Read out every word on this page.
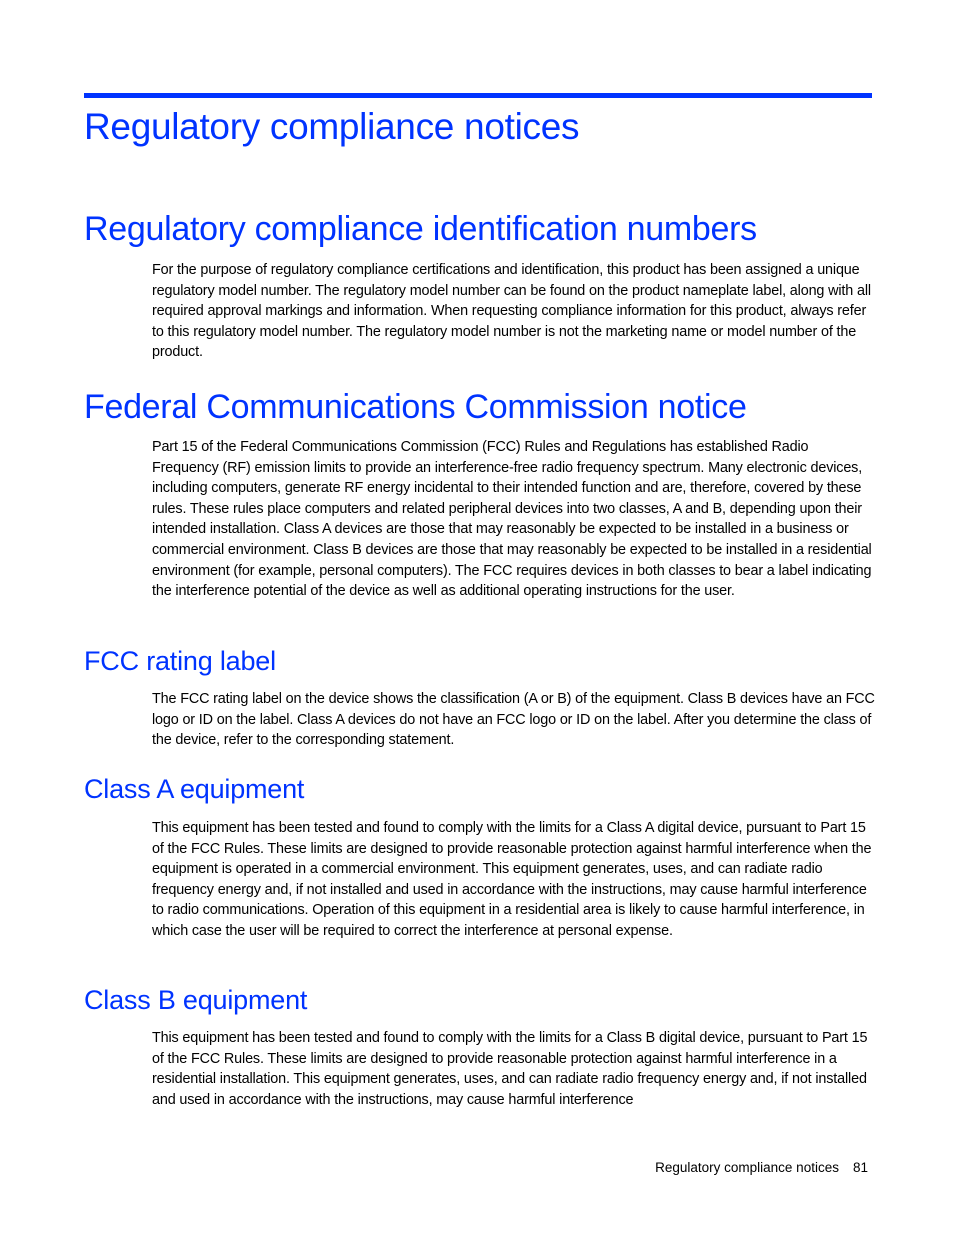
Regulatory compliance notices
Regulatory compliance identification numbers

For the purpose of regulatory compliance certifications and identification, this product has been assigned a unique regulatory model number. The regulatory model number can be found on the product nameplate label, along with all required approval markings and information. When requesting compliance information for this product, always refer to this regulatory model number. The regulatory model number is not the marketing name or model number of the product.

Federal Communications Commission notice

Part 15 of the Federal Communications Commission (FCC) Rules and Regulations has established Radio Frequency (RF) emission limits to provide an interference-free radio frequency spectrum. Many electronic devices, including computers, generate RF energy incidental to their intended function and are, therefore, covered by these rules. These rules place computers and related peripheral devices into two classes, A and B, depending upon their intended installation. Class A devices are those that may reasonably be expected to be installed in a business or commercial environment. Class B devices are those that may reasonably be expected to be installed in a residential environment (for example, personal computers). The FCC requires devices in both classes to bear a label indicating the interference potential of the device as well as additional operating instructions for the user.

FCC rating label

The FCC rating label on the device shows the classification (A or B) of the equipment. Class B devices have an FCC logo or ID on the label. Class A devices do not have an FCC logo or ID on the label. After you determine the class of the device, refer to the corresponding statement.

Class A equipment

This equipment has been tested and found to comply with the limits for a Class A digital device, pursuant to Part 15 of the FCC Rules. These limits are designed to provide reasonable protection against harmful interference when the equipment is operated in a commercial environment. This equipment generates, uses, and can radiate radio frequency energy and, if not installed and used in accordance with the instructions, may cause harmful interference to radio communications. Operation of this equipment in a residential area is likely to cause harmful interference, in which case the user will be required to correct the interference at personal expense.

Class B equipment

This equipment has been tested and found to comply with the limits for a Class B digital device, pursuant to Part 15 of the FCC Rules. These limits are designed to provide reasonable protection against harmful interference in a residential installation. This equipment generates, uses, and can radiate radio frequency energy and, if not installed and used in accordance with the instructions, may cause harmful interference

Regulatory compliance notices 81
